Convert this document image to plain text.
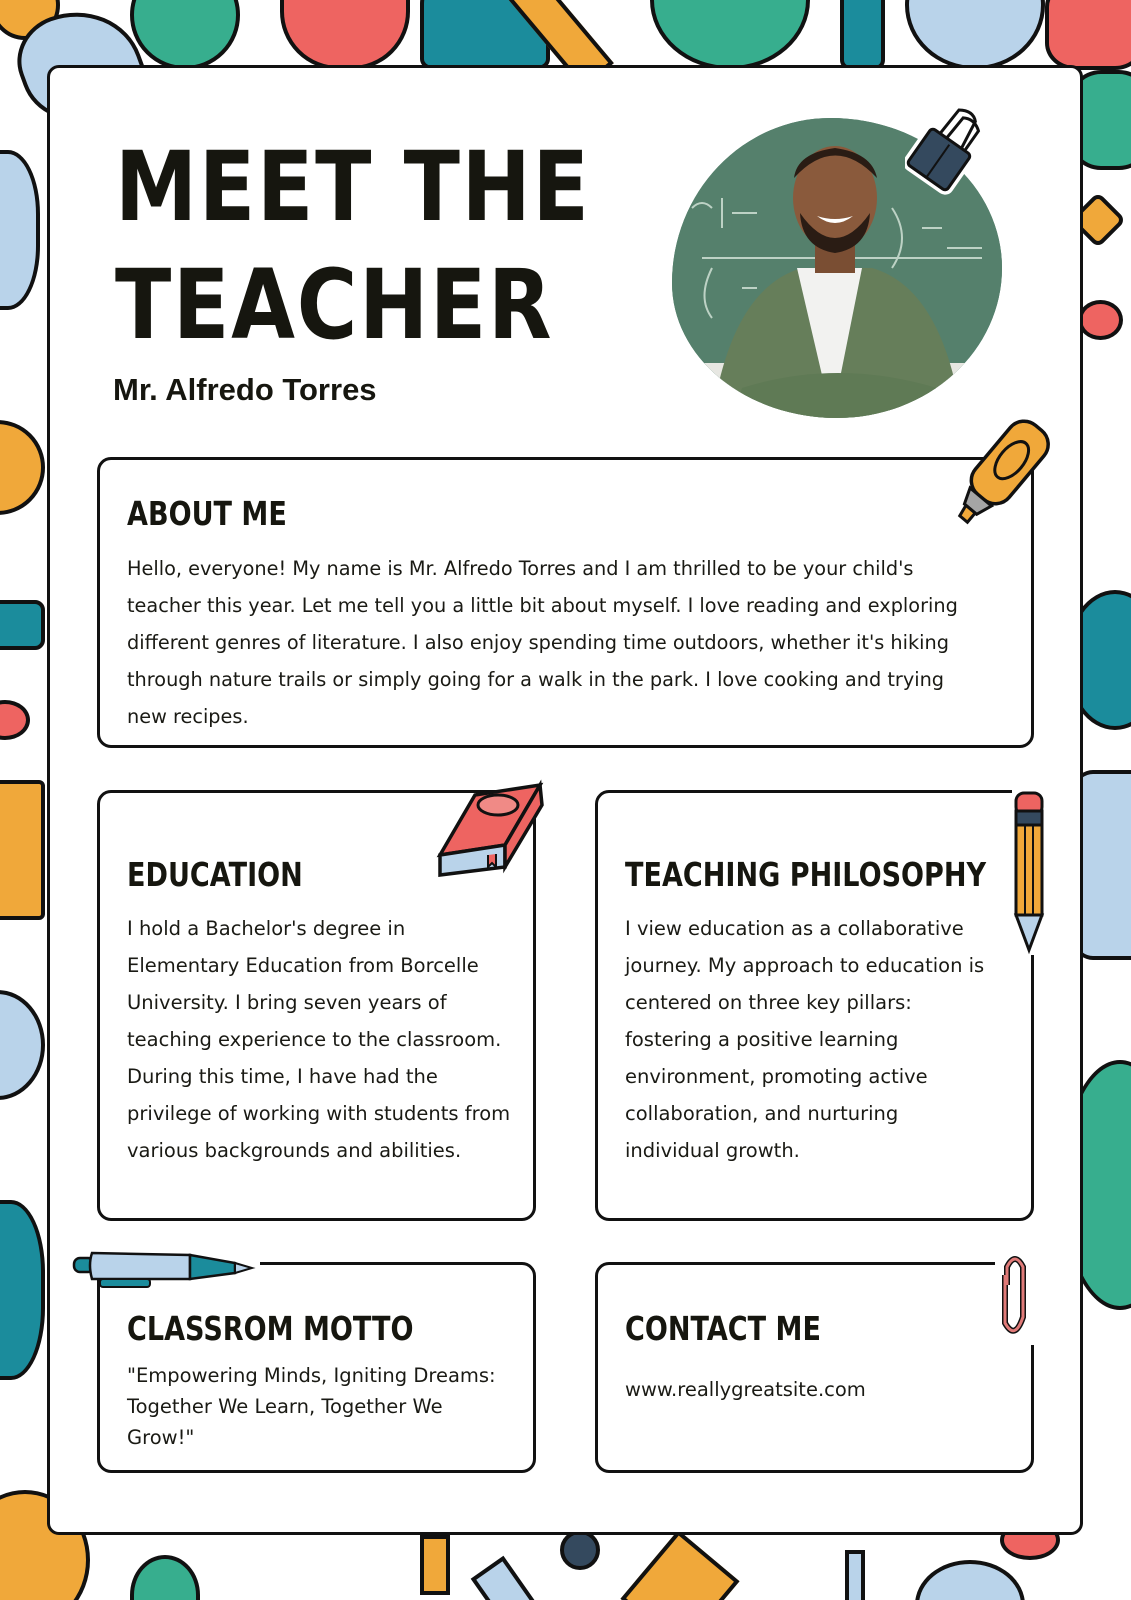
MEET THE
TEACHER
Mr. Alfredo Torres
ABOUT ME

Hello, everyone! My name is Mr. Alfredo Torres and I am thrilled to be your child's teacher this year. Let me tell you a little bit about myself. I love reading and exploring different genres of literature. I also enjoy spending time outdoors, whether it's hiking through nature trails or simply going for a walk in the park. I love cooking and trying new recipes.

EDUCATION

I hold a Bachelor's degree in Elementary Education from Borcelle University. I bring seven years of teaching experience to the classroom. During this time, I have had the privilege of working with students from various backgrounds and abilities.

TEACHING PHILOSOPHY

I view education as a collaborative journey. My approach to education is centered on three key pillars: fostering a positive learning environment, promoting active collaboration, and nurturing individual growth.

CLASSROM MOTTO

"Empowering Minds, Igniting Dreams: Together We Learn, Together We Grow!"

CONTACT ME

www.reallygreatsite.com
